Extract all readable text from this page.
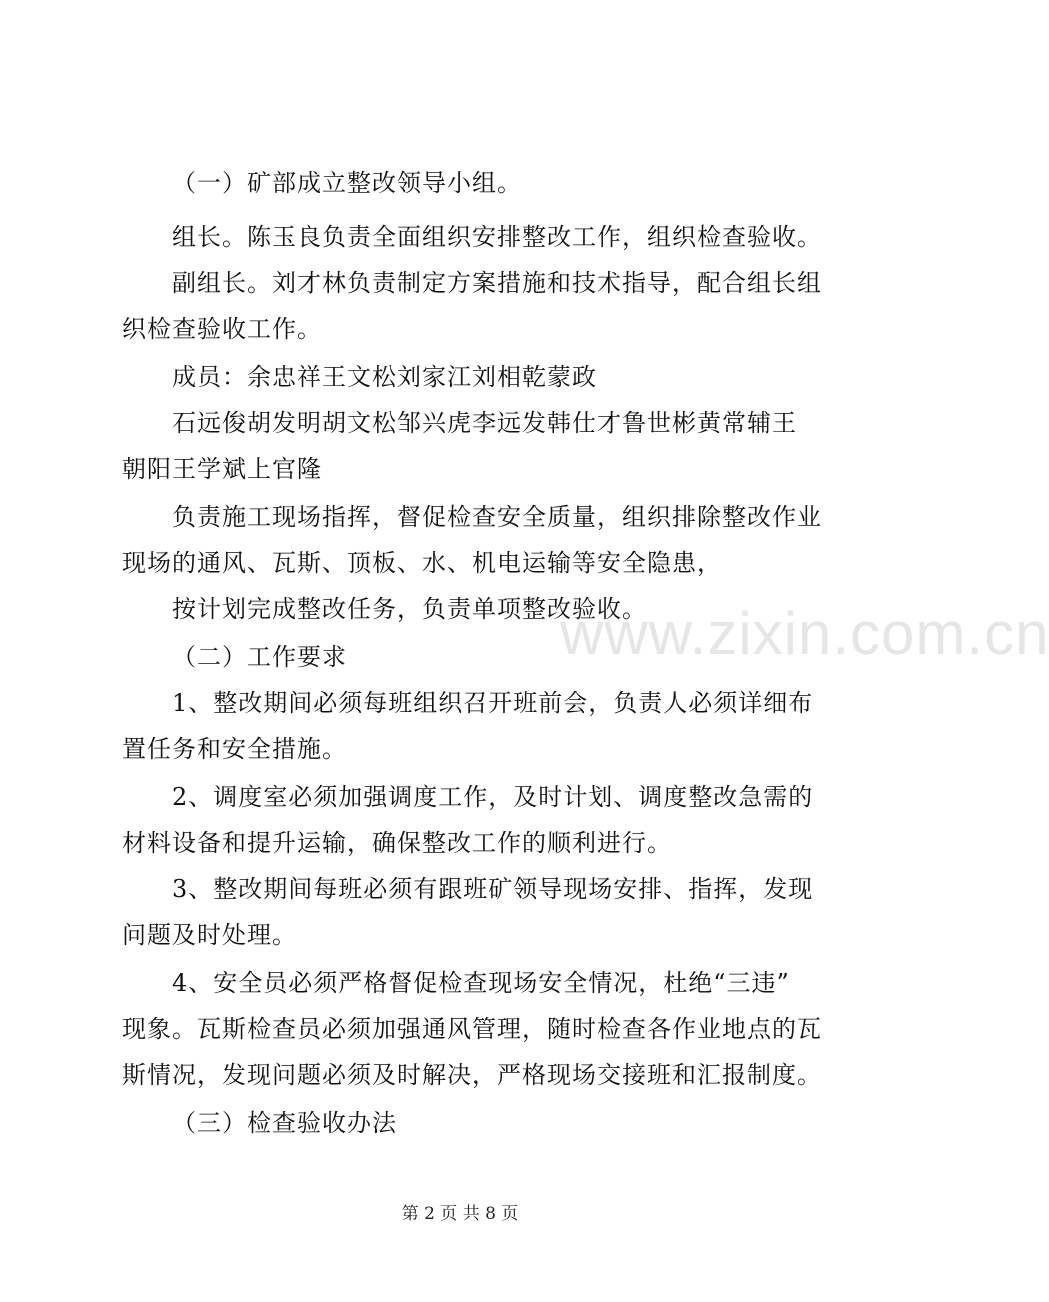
www.zixin.com.cn
（一）矿部成立整改领导小组。
组长。陈玉良负责全面组织安排整改工作，组织检查验收。
副组长。刘才林负责制定方案措施和技术指导，配合组长组
织检查验收工作。
成员：余忠祥王文松刘家江刘相乾蒙政
石远俊胡发明胡文松邹兴虎李远发韩仕才鲁世彬黄常辅王
朝阳王学斌上官隆
负责施工现场指挥，督促检查安全质量，组织排除整改作业
现场的通风、瓦斯、顶板、水、机电运输等安全隐患，
按计划完成整改任务，负责单项整改验收。
（二）工作要求
1、整改期间必须每班组织召开班前会，负责人必须详细布
置任务和安全措施。
2、调度室必须加强调度工作，及时计划、调度整改急需的
材料设备和提升运输，确保整改工作的顺利进行。
3、整改期间每班必须有跟班矿领导现场安排、指挥，发现
问题及时处理。
4、安全员必须严格督促检查现场安全情况，杜绝“三违”
现象。瓦斯检查员必须加强通风管理，随时检查各作业地点的瓦
斯情况，发现问题必须及时解决，严格现场交接班和汇报制度。
（三）检查验收办法
第 2 页 共 8 页
